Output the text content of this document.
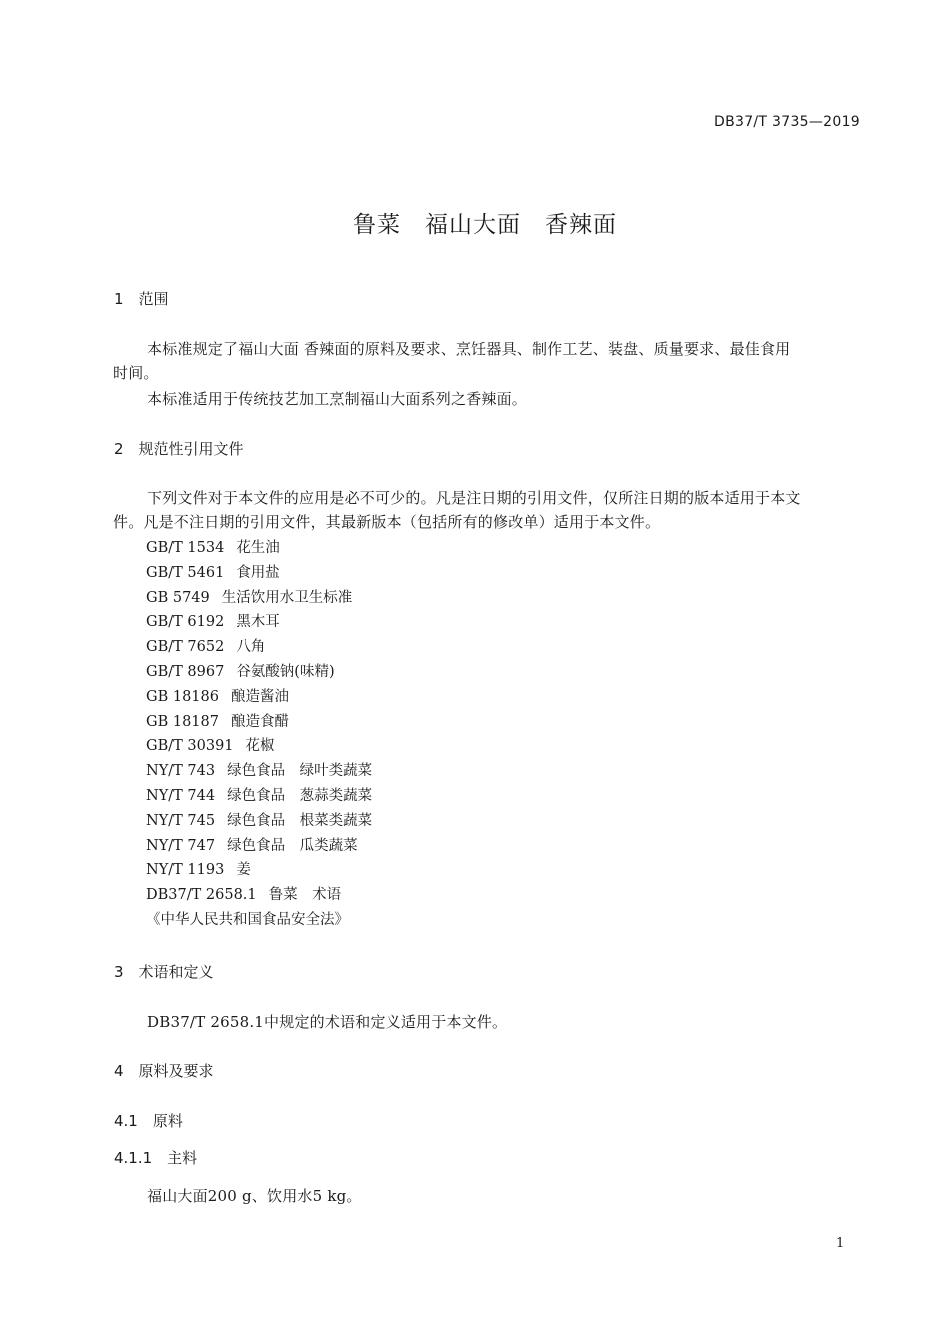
DB37/T 3735—2019
鲁菜　福山大面　香辣面
1　范围
本标准规定了福山大面 香辣面的原料及要求、烹饪器具、制作工艺、装盘、质量要求、最佳食用
时间。
本标准适用于传统技艺加工烹制福山大面系列之香辣面。
2　规范性引用文件
下列文件对于本文件的应用是必不可少的。凡是注日期的引用文件，仅所注日期的版本适用于本文
件。凡是不注日期的引用文件，其最新版本（包括所有的修改单）适用于本文件。
GB/T 1534 花生油
GB/T 5461 食用盐
GB 5749 生活饮用水卫生标准
GB/T 6192 黑木耳
GB/T 7652 八角
GB/T 8967 谷氨酸钠(味精)
GB 18186 酿造酱油
GB 18187 酿造食醋
GB/T 30391 花椒
NY/T 743 绿色食品　绿叶类蔬菜
NY/T 744 绿色食品　葱蒜类蔬菜
NY/T 745 绿色食品　根菜类蔬菜
NY/T 747 绿色食品　瓜类蔬菜
NY/T 1193 姜
DB37/T 2658.1 鲁菜　术语
《中华人民共和国食品安全法》
3　术语和定义
DB37/T 2658.1中规定的术语和定义适用于本文件。
4　原料及要求
4.1　原料
4.1.1　主料
福山大面200 g、饮用水5 kg。
1
